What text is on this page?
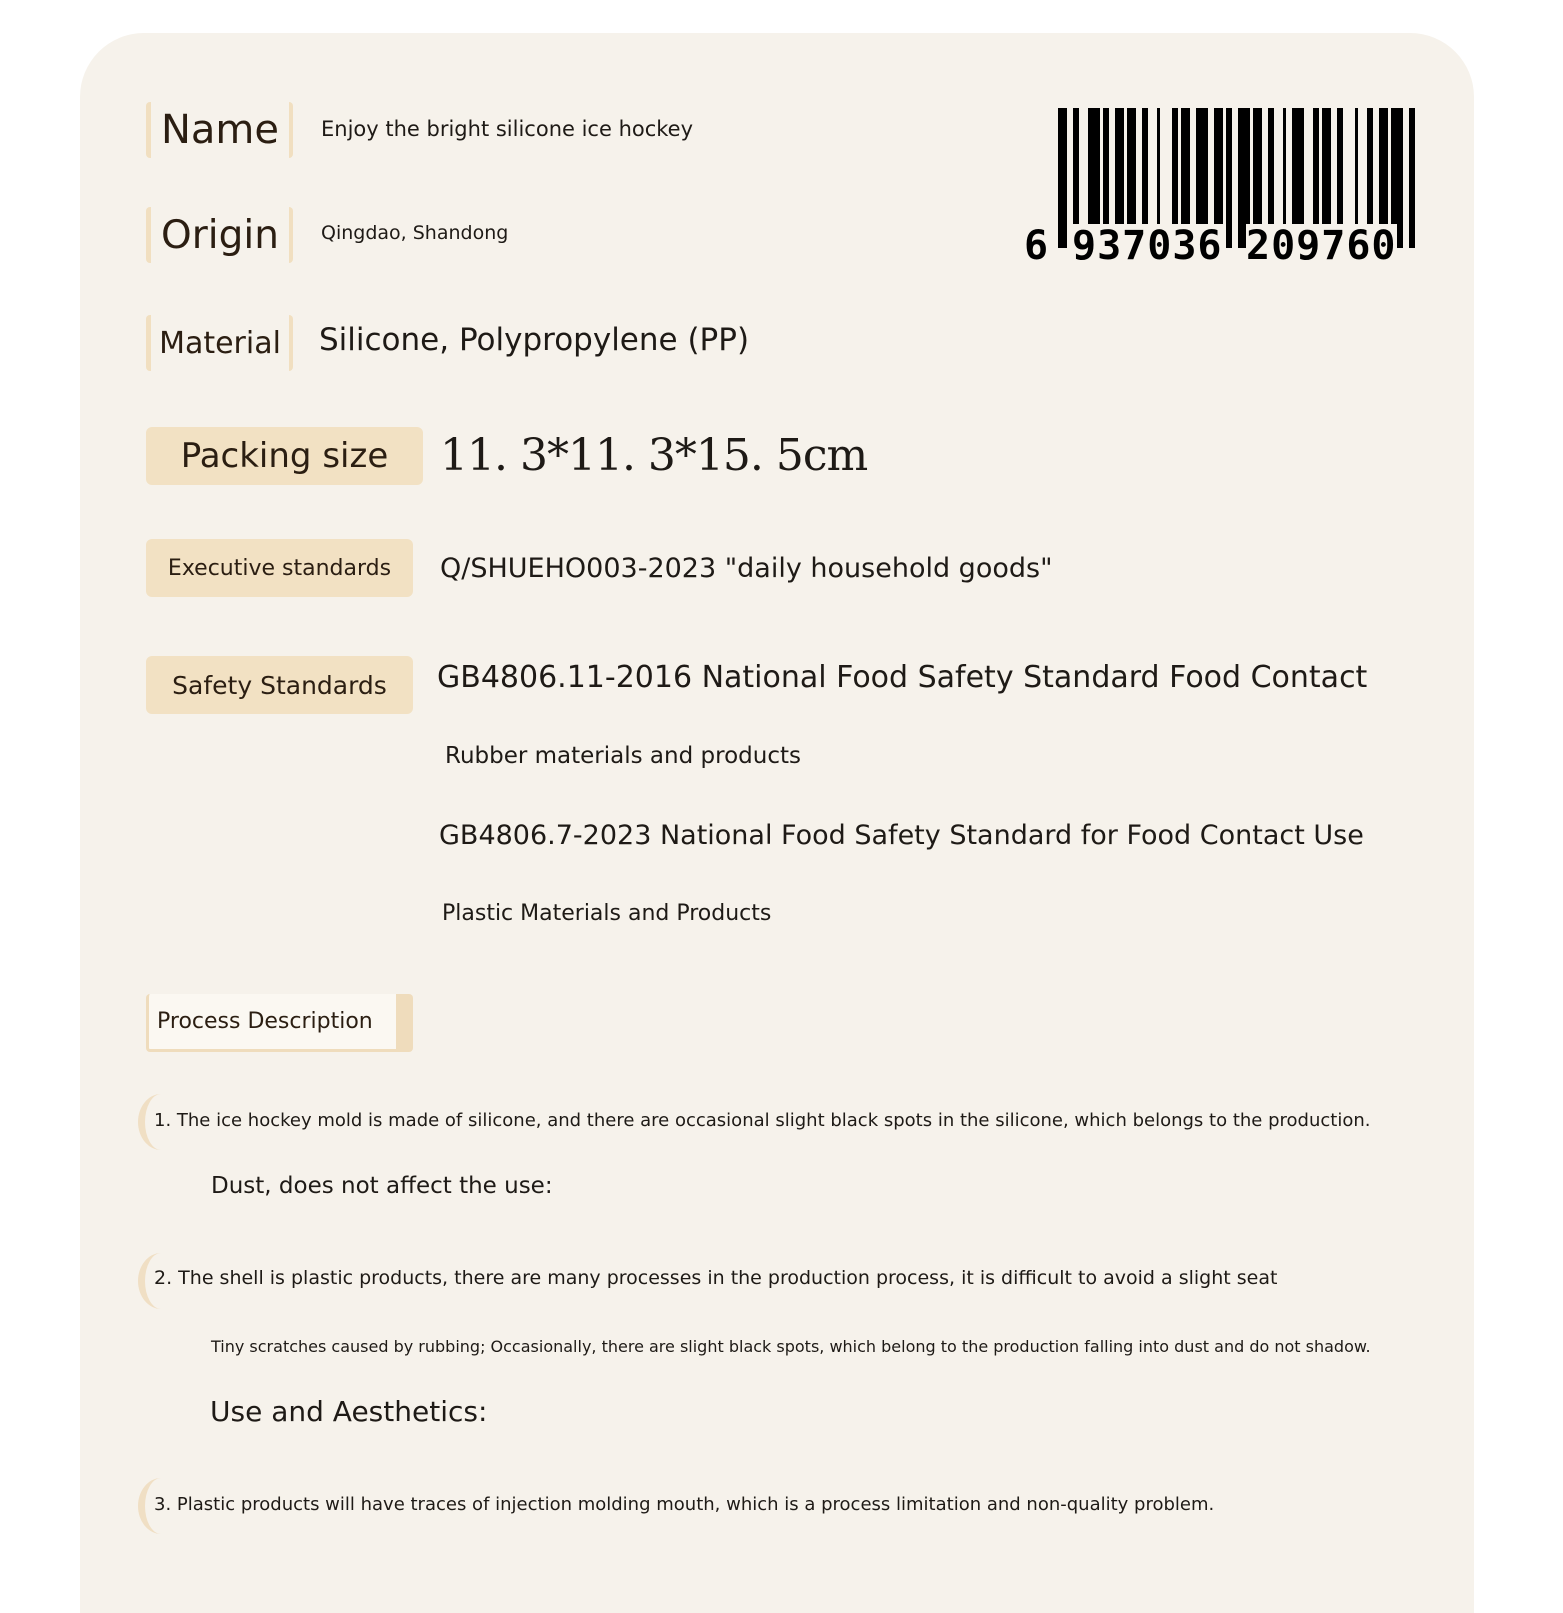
Name Enjoy the bright silicone ice hockey
Origin Qingdao, Shandong
Material Silicone, Polypropylene (PP)
Packing size 11. 3*11. 3*15. 5cm
Executive standards Q/SHUEHO003-2023 "daily household goods"
Safety Standards GB4806.11-2016 National Food Safety Standard Food Contact
Rubber materials and products
GB4806.7-2023 National Food Safety Standard for Food Contact Use
Plastic Materials and Products
6 937036 209760
Process Description
1. The ice hockey mold is made of silicone, and there are occasional slight black spots in the silicone, which belongs to the production.
Dust, does not affect the use:
2. The shell is plastic products, there are many processes in the production process, it is difficult to avoid a slight seat
Tiny scratches caused by rubbing; Occasionally, there are slight black spots, which belong to the production falling into dust and do not shadow.
Use and Aesthetics:
3. Plastic products will have traces of injection molding mouth, which is a process limitation and non-quality problem.
